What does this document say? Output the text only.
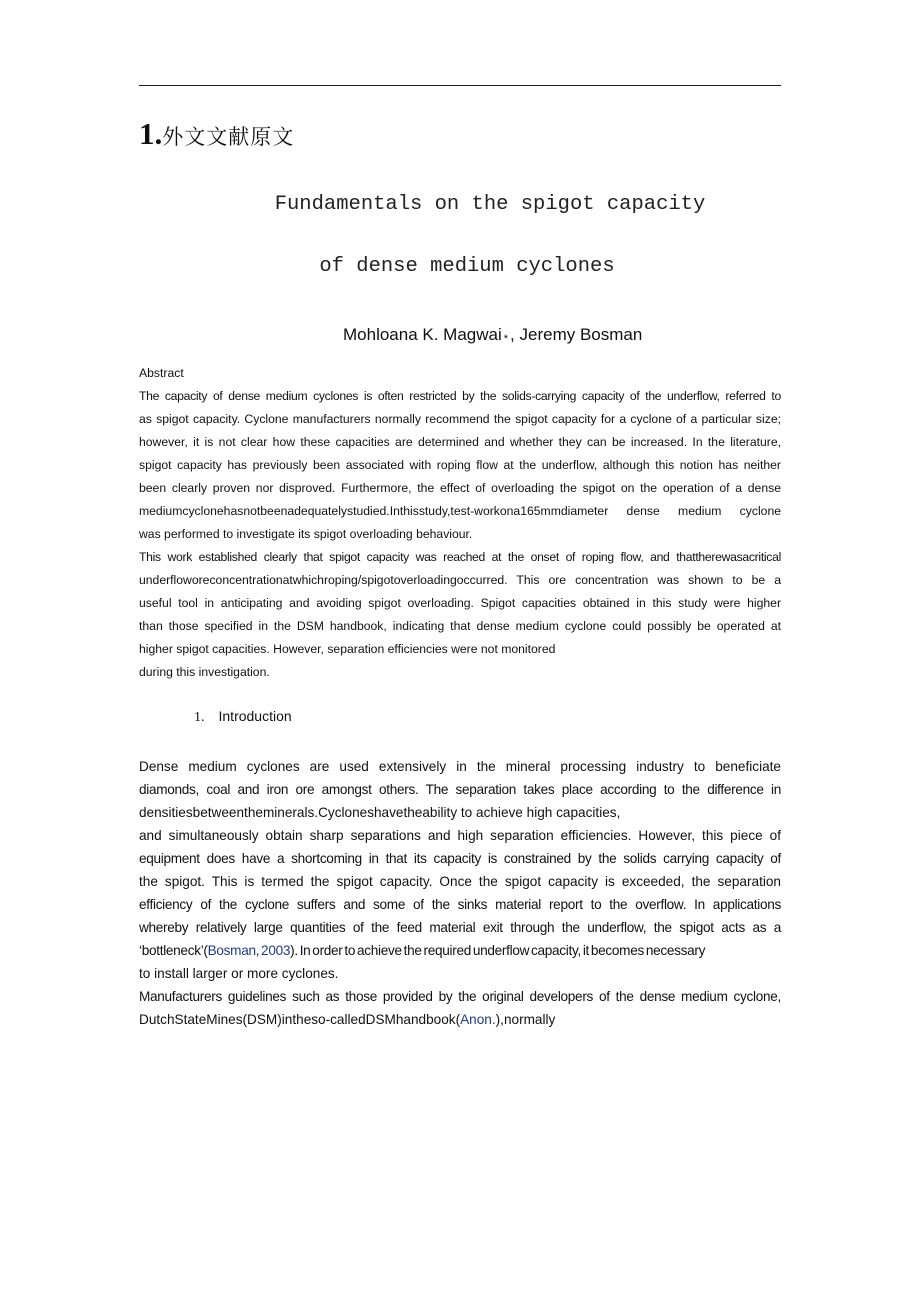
1.外文文献原文

Fundamentals on the spigot capacity

of dense medium cyclones

Mohloana K. Magwai * , Jeremy Bosman

Abstract

The capacity of dense medium cyclones is often restricted by the solids-carrying capacity of the underflow, referred to

as spigot capacity. Cyclone manufacturers normally recommend the spigot capacity for a cyclone of a particular size;

however, it is not clear how these capacities are determined and whether they can be increased. In the literature,

spigot capacity has previously been associated with roping flow at the underflow, although this notion has neither

been clearly proven nor disproved. Furthermore, the effect of overloading the spigot on the operation of a dense

mediumcyclonehasnotbeenadequatelystudied.Inthisstudy,test-workona165mmdiameter dense medium cyclone

was performed to investigate its spigot overloading behaviour.

This work established clearly that spigot capacity was reached at the onset of roping flow, and thattherewasacritical

underfloworeconcentrationatwhichroping/spigotoverloadingoccurred. This ore concentration was shown to be a

useful tool in anticipating and avoiding spigot overloading. Spigot capacities obtained in this study were higher

than those specified in the DSM handbook, indicating that dense medium cyclone could possibly be operated at

higher spigot capacities. However, separation efficiencies were not monitored

during this investigation.

1. Introduction

Dense medium cyclones are used extensively in the mineral processing industry to beneficiate
diamonds, coal and iron ore amongst others. The separation takes place according to the difference in
densitiesbetweentheminerals.Cycloneshavetheability to achieve high capacities,
and simultaneously obtain sharp separations and high separation efficiencies. However, this piece of
equipment does have a shortcoming in that its capacity is constrained by the solids carrying capacity of
the spigot. This is termed the spigot capacity. Once the spigot capacity is exceeded, the separation
efficiency of the cyclone suffers and some of the sinks material report to the overflow. In applications
whereby relatively large quantities of the feed material exit through the underflow, the spigot acts as a
‘bottleneck’(Bosman, 2003). In order to achieve the required underflow capacity, it becomes necessary
to install larger or more cyclones.
Manufacturers guidelines such as those provided by the original developers of the dense medium cyclone,
DutchStateMines(DSM)intheso-calledDSMhandbook(Anon.),normally
